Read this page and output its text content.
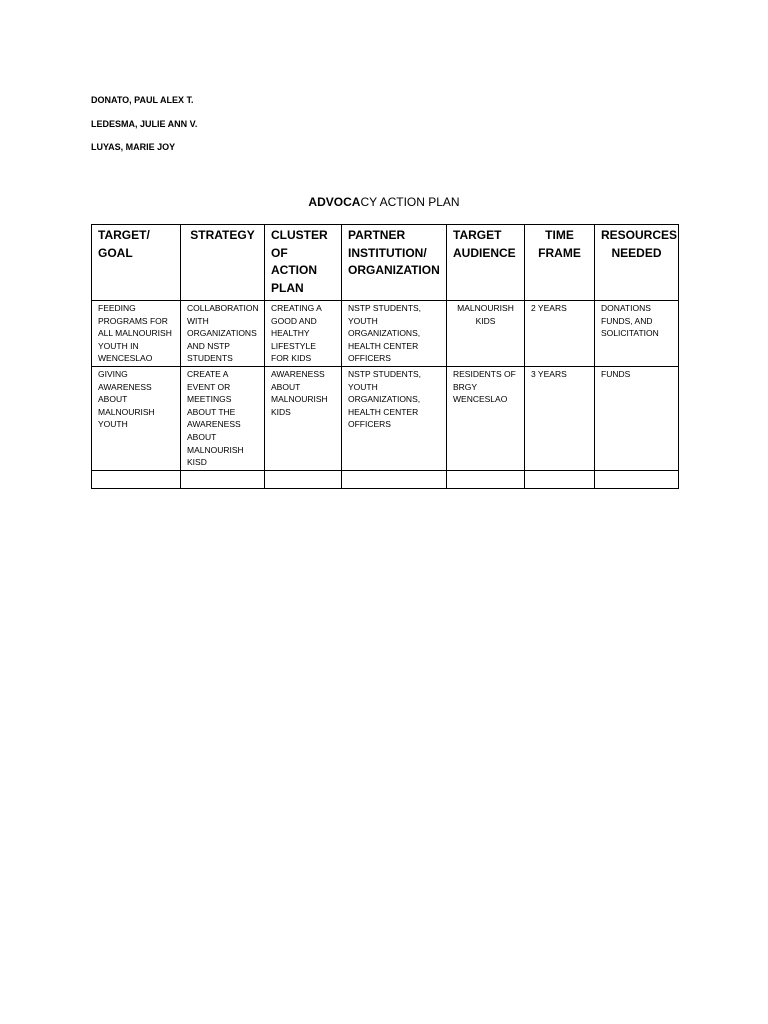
DONATO, PAUL ALEX T.
LEDESMA, JULIE ANN V.
LUYAS, MARIE JOY
ADVOCACY ACTION PLAN
TARGET/ GOAL	STRATEGY	CLUSTER OF ACTION PLAN	PARTNER INSTITUTION/ ORGANIZATION	TARGET AUDIENCE	TIME FRAME	RESOURCES NEEDED
FEEDING PROGRAMS FOR ALL MALNOURISH YOUTH IN WENCESLAO	COLLABORATION WITH ORGANIZATIONS AND NSTP STUDENTS	CREATING A GOOD AND HEALTHY LIFESTYLE FOR KIDS	NSTP STUDENTS, YOUTH ORGANIZATIONS, HEALTH CENTER OFFICERS	MALNOURISH KIDS	2 YEARS	DONATIONS FUNDS, AND SOLICITATION
GIVING AWARENESS ABOUT MALNOURISH YOUTH	CREATE A EVENT OR MEETINGS ABOUT THE AWARENESS ABOUT MALNOURISH KISD	AWARENESS ABOUT MALNOURISH KIDS	NSTP STUDENTS, YOUTH ORGANIZATIONS, HEALTH CENTER OFFICERS	RESIDENTS OF BRGY WENCESLAO	3 YEARS	FUNDS
